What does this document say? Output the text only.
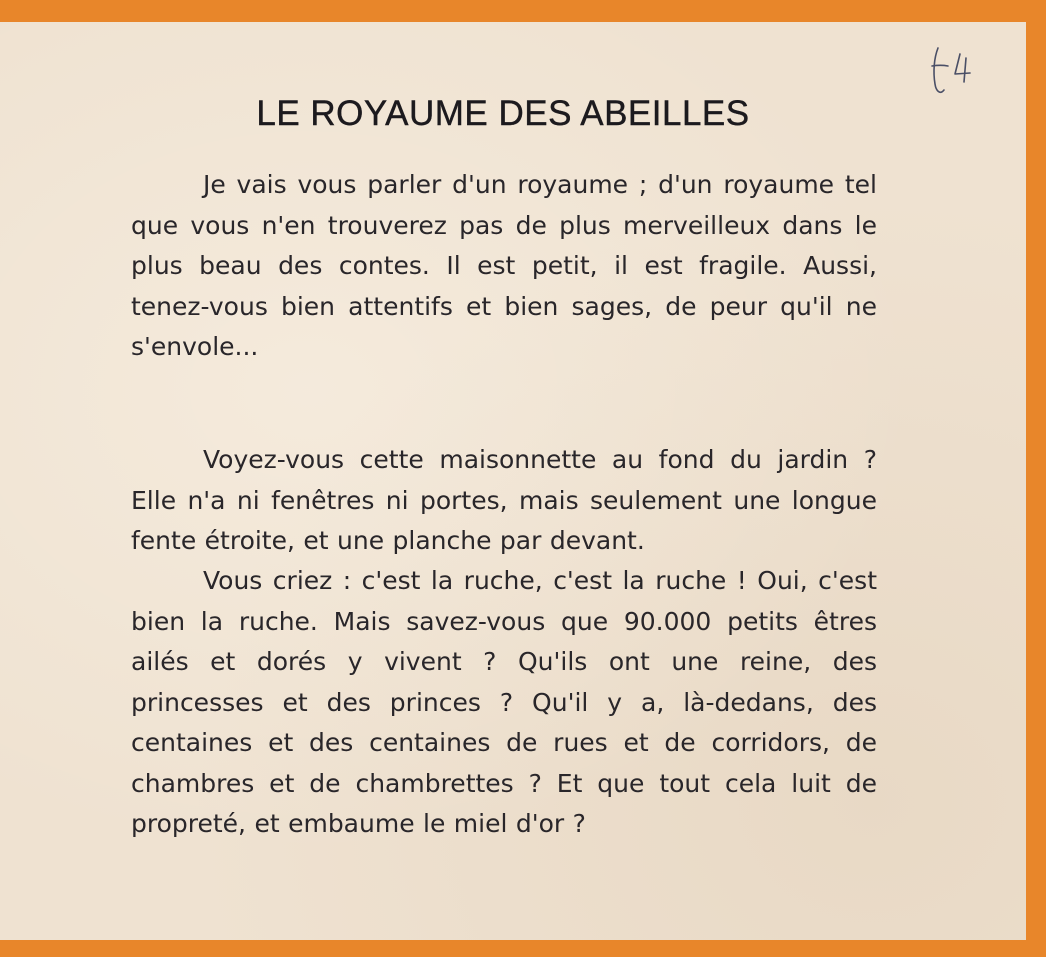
LE ROYAUME DES ABEILLES

Je vais vous parler d'un royaume ; d'un royaume tel que vous n'en trouverez pas de plus merveilleux dans le plus beau des contes. Il est petit, il est fragile. Aussi, tenez-vous bien attentifs et bien sages, de peur qu'il ne s'envole...

Voyez-vous cette maisonnette au fond du jardin ? Elle n'a ni fenêtres ni portes, mais seulement une longue fente étroite, et une planche par devant.

Vous criez : c'est la ruche, c'est la ruche ! Oui, c'est bien la ruche. Mais savez-vous que 90.000 petits êtres ailés et dorés y vivent ? Qu'ils ont une reine, des princesses et des princes ? Qu'il y a, là-dedans, des centaines et des centaines de rues et de corridors, de chambres et de chambrettes ? Et que tout cela luit de propreté, et embaume le miel d'or ?
